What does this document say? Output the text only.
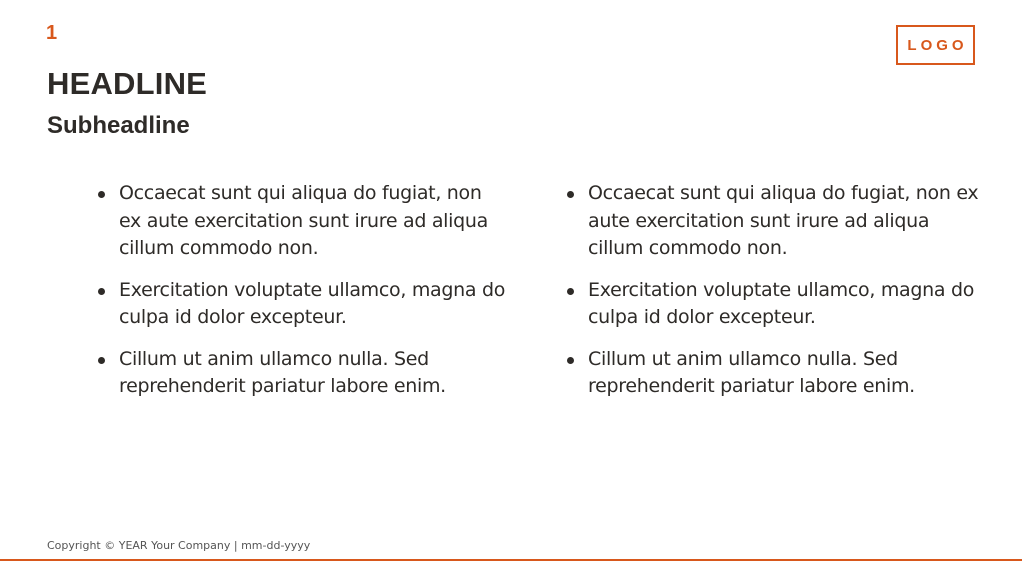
1
LOGO
HEADLINE
Subheadline
Occaecat sunt qui aliqua do fugiat, non ex aute exercitation sunt irure ad aliqua cillum commodo non.
Exercitation voluptate ullamco, magna do culpa id dolor excepteur.
Cillum ut anim ullamco nulla. Sed reprehenderit pariatur labore enim.
Occaecat sunt qui aliqua do fugiat, non ex aute exercitation sunt irure ad aliqua cillum commodo non.
Exercitation voluptate ullamco, magna do culpa id dolor excepteur.
Cillum ut anim ullamco nulla. Sed reprehenderit pariatur labore enim.
Copyright © YEAR Your Company | mm-dd-yyyy
